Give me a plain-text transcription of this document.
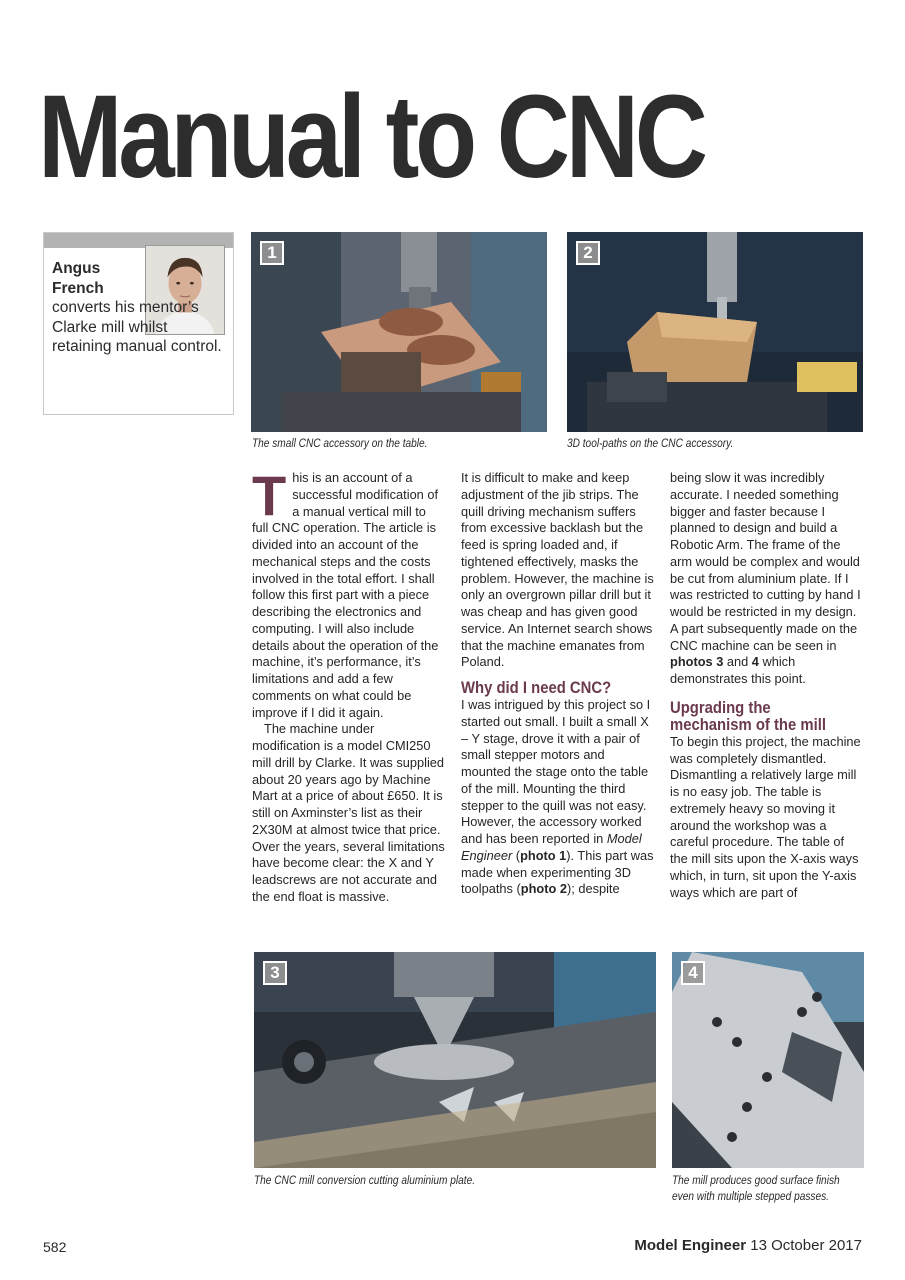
Manual to CNC
Angus
French
converts his mentor’s Clarke mill whilst retaining manual control.
1
The small CNC accessory on the table.
2
3D tool-paths on the CNC accessory.

This is an account of a successful modification of a manual vertical mill to full CNC operation. The article is divided into an account of the mechanical steps and the costs involved in the total effort. I shall follow this first part with a piece describing the electronics and computing. I will also include details about the operation of the machine, it’s performance, it’s limitations and add a few comments on what could be improve if I did it again.

The machine under modification is a model CMI250 mill drill by Clarke. It was supplied about 20 years ago by Machine Mart at a price of about £650. It is still on Axminster’s list as their 2X30M at almost twice that price. Over the years, several limitations have become clear: the X and Y leadscrews are not accurate and the end float is massive.

It is difficult to make and keep adjustment of the jib strips. The quill driving mechanism suffers from excessive backlash but the feed is spring loaded and, if tightened effectively, masks the problem. However, the machine is only an overgrown pillar drill but it was cheap and has given good service. An Internet search shows that the machine emanates from Poland.

Why did I need CNC?

I was intrigued by this project so I started out small. I built a small X – Y stage, drove it with a pair of small stepper motors and mounted the stage onto the table of the mill. Mounting the third stepper to the quill was not easy. However, the accessory worked and has been reported in Model Engineer (photo 1). This part was made when experimenting 3D toolpaths (photo 2); despite

being slow it was incredibly accurate. I needed something bigger and faster because I planned to design and build a Robotic Arm. The frame of the arm would be complex and would be cut from aluminium plate. If I was restricted to cutting by hand I would be restricted in my design. A part subsequently made on the CNC machine can be seen in photos 3 and 4 which demonstrates this point.

Upgrading the
mechanism of the mill

To begin this project, the machine was completely dismantled. Dismantling a relatively large mill is no easy job. The table is extremely heavy so moving it around the workshop was a careful procedure. The table of the mill sits upon the X-axis ways which, in turn, sit upon the Y-axis ways which are part of

3
The CNC mill conversion cutting aluminium plate.
4
The mill produces good surface finish even with multiple stepped passes.
582	Model Engineer 13 October 2017
